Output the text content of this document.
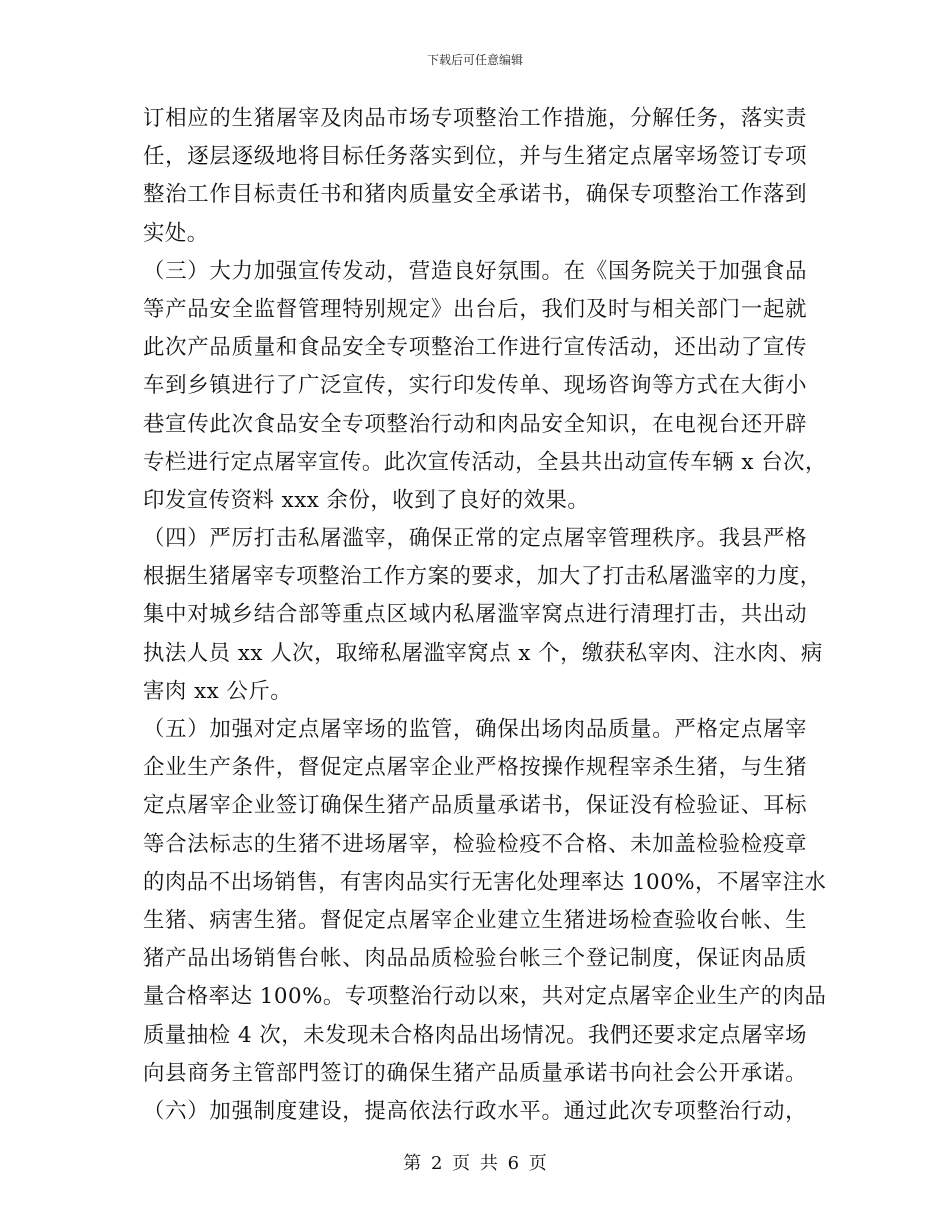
下载后可任意编辑
订相应的生猪屠宰及肉品市场专项整治工作措施，分解任务，落实责
任，逐层逐级地将目标任务落实到位，并与生猪定点屠宰场签订专项
整治工作目标责任书和猪肉质量安全承诺书，确保专项整治工作落到
实处。
（三）大力加强宣传发动，营造良好氛围。在《国务院关于加强食品
等产品安全监督管理特别规定》出台后，我们及时与相关部门一起就
此次产品质量和食品安全专项整治工作进行宣传活动，还出动了宣传
车到乡镇进行了广泛宣传，实行印发传单、现场咨询等方式在大街小
巷宣传此次食品安全专项整治行动和肉品安全知识，在电视台还开辟
专栏进行定点屠宰宣传。此次宣传活动，全县共出动宣传车辆 x 台次，
印发宣传资料 xxx 余份，收到了良好的效果。
（四）严厉打击私屠滥宰，确保正常的定点屠宰管理秩序。我县严格
根据生猪屠宰专项整治工作方案的要求，加大了打击私屠滥宰的力度，
集中对城乡结合部等重点区域内私屠滥宰窝点进行清理打击，共出动
执法人员 xx 人次，取缔私屠滥宰窝点 x 个，缴获私宰肉、注水肉、病
害肉 xx 公斤。
（五）加强对定点屠宰场的监管，确保出场肉品质量。严格定点屠宰
企业生产条件，督促定点屠宰企业严格按操作规程宰杀生猪，与生猪
定点屠宰企业签订确保生猪产品质量承诺书，保证没有检验证、耳标
等合法标志的生猪不进场屠宰，检验检疫不合格、未加盖检验检疫章
的肉品不出场销售，有害肉品实行无害化处理率达 100%，不屠宰注水
生猪、病害生猪。督促定点屠宰企业建立生猪进场检查验收台帐、生
猪产品出场销售台帐、肉品品质检验台帐三个登记制度，保证肉品质
量合格率达 100%。专项整治行动以來，共对定点屠宰企业生产的肉品
质量抽检 4 次，未发现未合格肉品出场情况。我們还要求定点屠宰场
向县商务主管部門签订的确保生猪产品质量承诺书向社会公开承诺。
（六）加强制度建设，提高依法行政水平。通过此次专项整治行动，
第 2 页 共 6 页
